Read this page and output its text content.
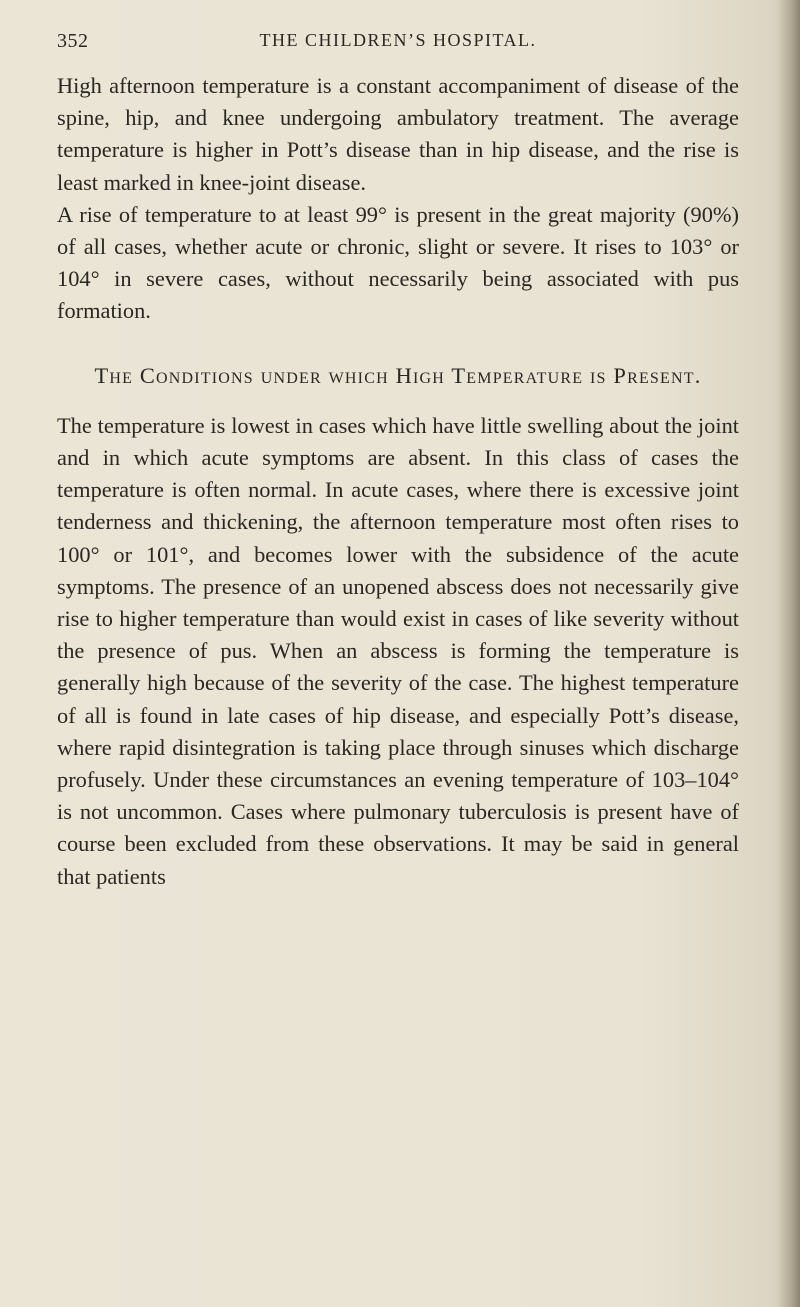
352	THE CHILDREN’S HOSPITAL.

High afternoon temperature is a constant accompaniment of disease of the spine, hip, and knee undergoing ambulatory treatment. The average temperature is higher in Pott’s disease than in hip disease, and the rise is least marked in knee-joint disease.

A rise of temperature to at least 99° is present in the great majority (90%) of all cases, whether acute or chronic, slight or severe. It rises to 103° or 104° in severe cases, without necessarily being associated with pus formation.

The Conditions under which High Temperature is Present.

The temperature is lowest in cases which have little swelling about the joint and in which acute symptoms are absent. In this class of cases the temperature is often normal. In acute cases, where there is excessive joint tenderness and thickening, the afternoon temperature most often rises to 100° or 101°, and becomes lower with the subsidence of the acute symptoms. The presence of an unopened abscess does not necessarily give rise to higher temperature than would exist in cases of like severity without the presence of pus. When an abscess is forming the temperature is generally high because of the severity of the case. The highest temperature of all is found in late cases of hip disease, and especially Pott’s disease, where rapid disintegration is taking place through sinuses which discharge profusely. Under these circumstances an evening temperature of 103–104° is not uncommon. Cases where pulmonary tuberculosis is present have of course been excluded from these observations. It may be said in general that patients
